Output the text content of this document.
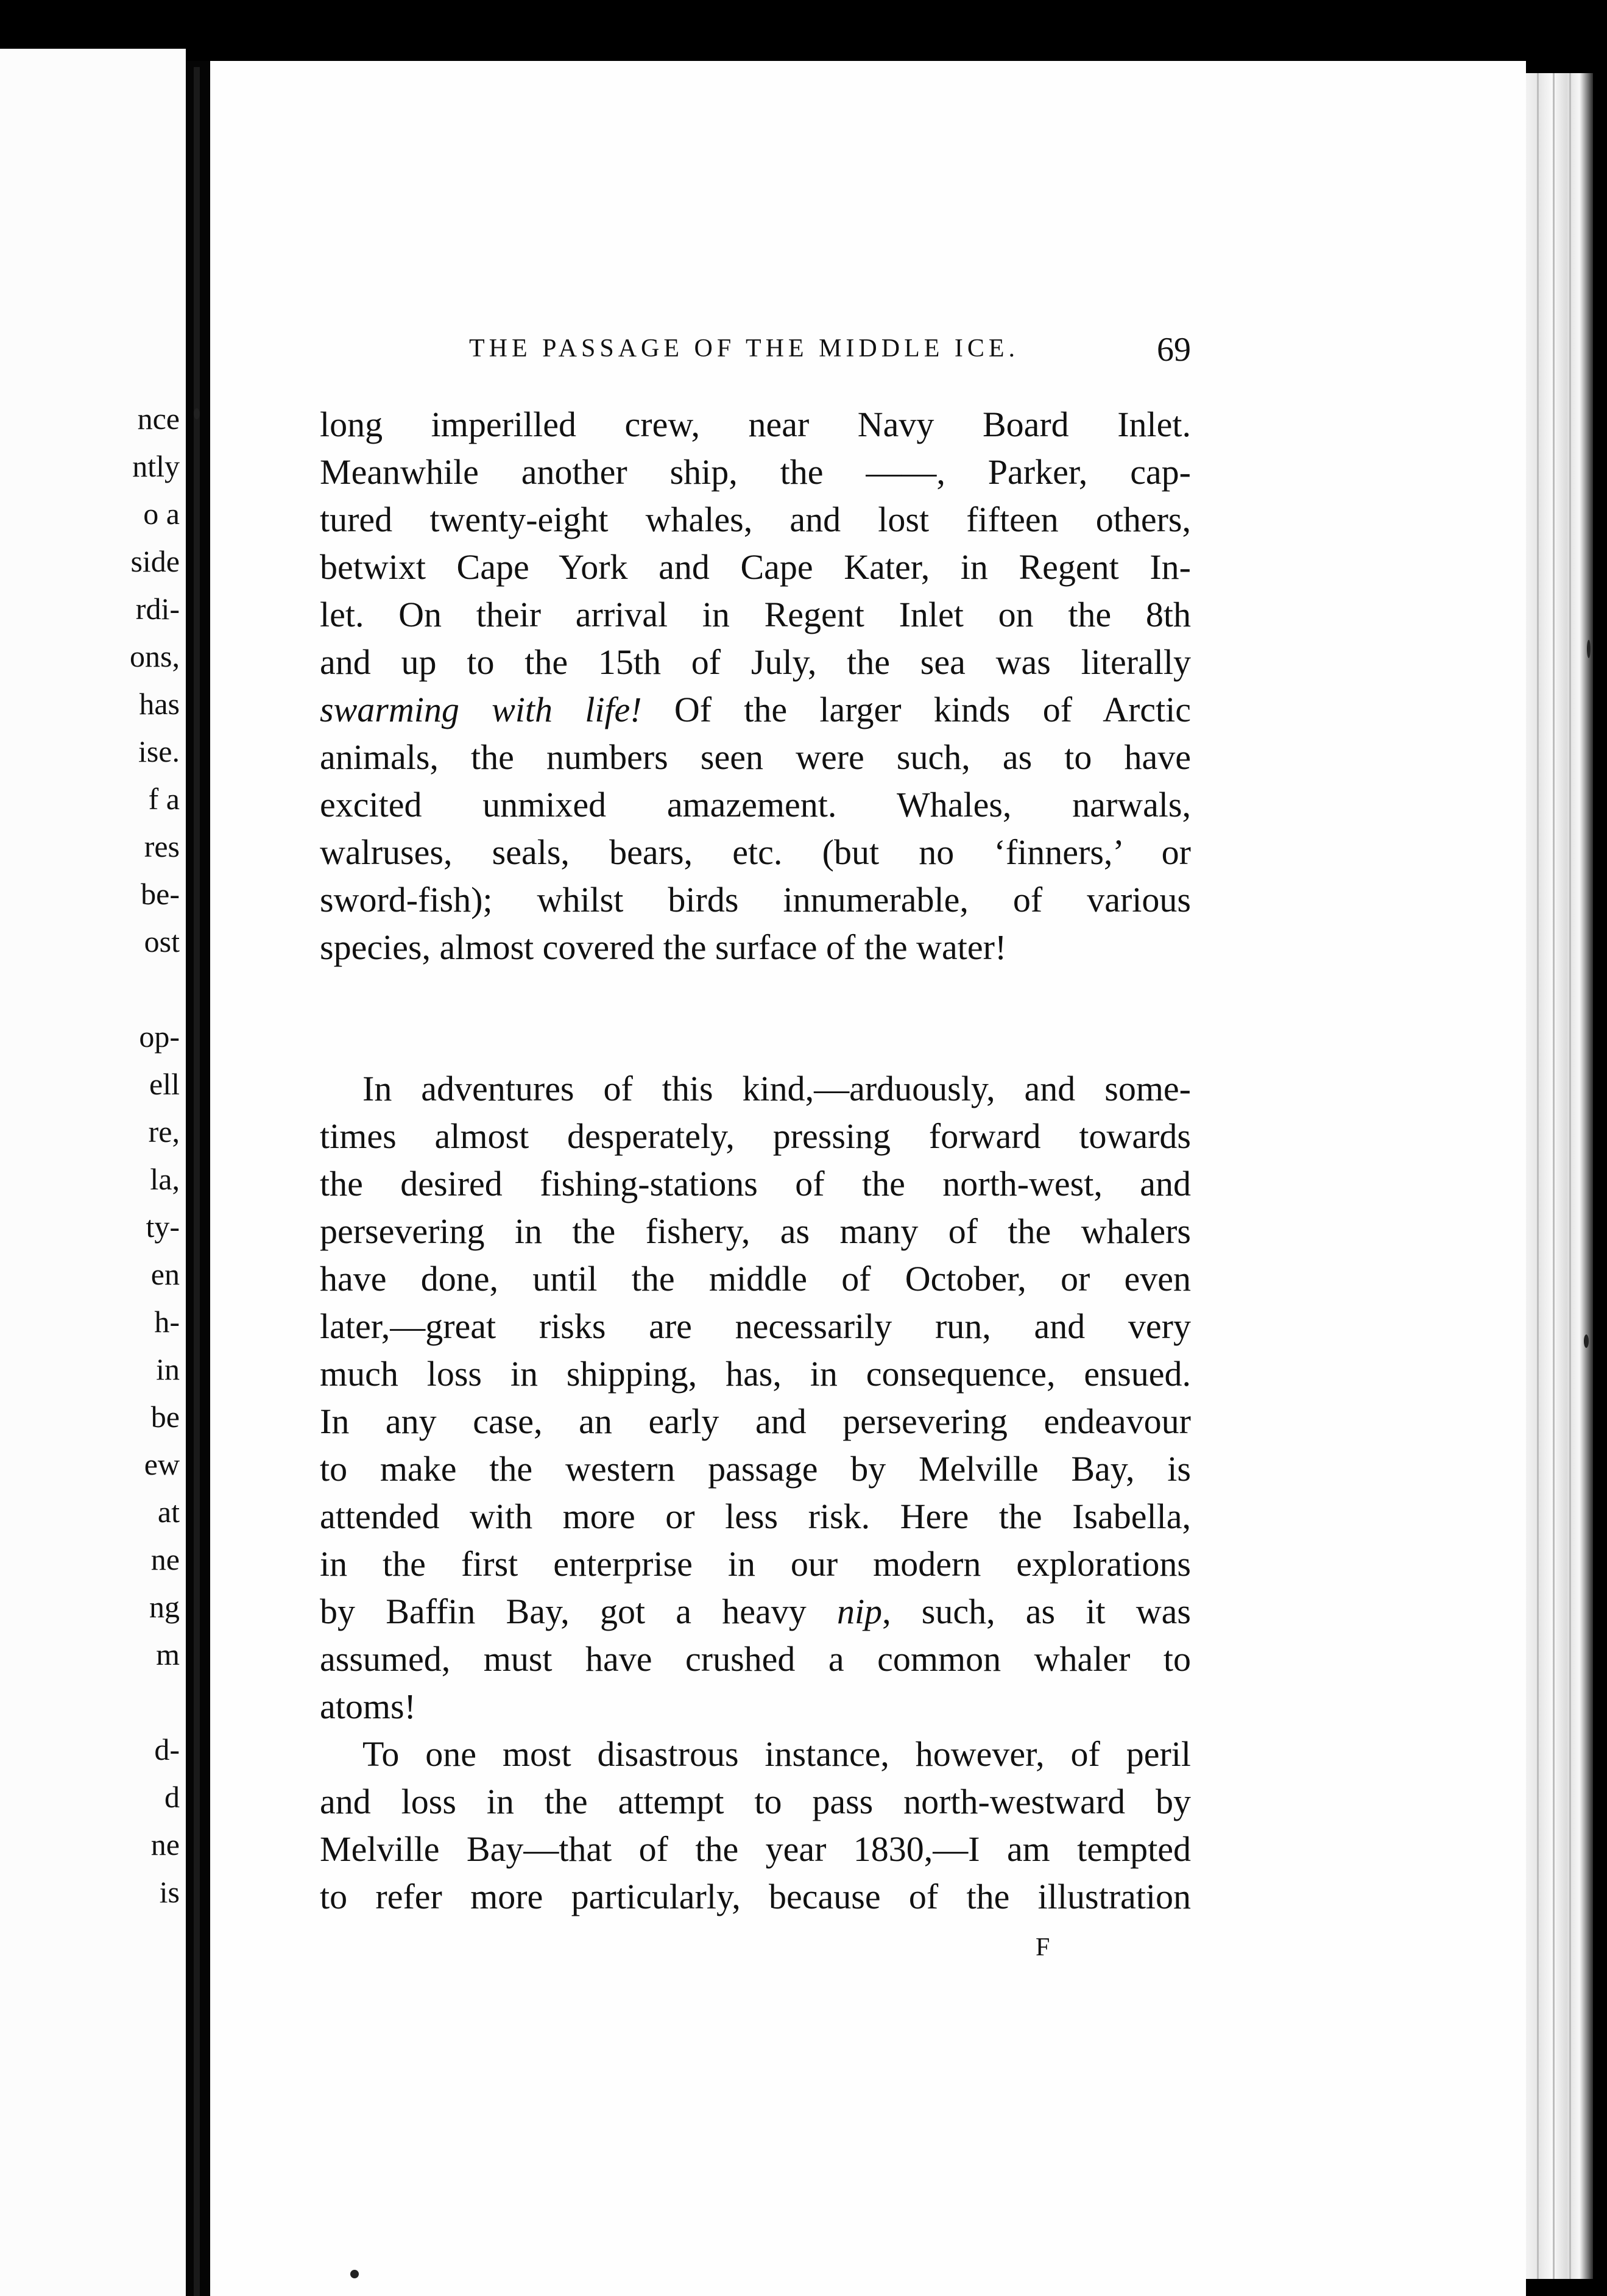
nce
ntly
o a
side
rdi-
ons,
has
ise.
f a
res
be-
ost
op-
ell
re,
la,
ty-
en
h-
in
be
ew
at
ne
ng
m
d-
d
ne
is
THE PASSAGE OF THE MIDDLE ICE.	69
long imperilled crew, near Navy Board Inlet.
Meanwhile another ship, the ——, Parker, cap-
tured twenty-eight whales, and lost fifteen others,
betwixt Cape York and Cape Kater, in Regent In-
let. On their arrival in Regent Inlet on the 8th
and up to the 15th of July, the sea was literally
swarming with life! Of the larger kinds of Arctic
animals, the numbers seen were such, as to have
excited unmixed amazement. Whales, narwals,
walruses, seals, bears, etc. (but no ‘finners,’ or
sword-fish); whilst birds innumerable, of various
species, almost covered the surface of the water!
In adventures of this kind,—arduously, and some-
times almost desperately, pressing forward towards
the desired fishing-stations of the north-west, and
persevering in the fishery, as many of the whalers
have done, until the middle of October, or even
later,—great risks are necessarily run, and very
much loss in shipping, has, in consequence, ensued.
In any case, an early and persevering endeavour
to make the western passage by Melville Bay, is
attended with more or less risk. Here the Isabella,
in the first enterprise in our modern explorations
by Baffin Bay, got a heavy nip, such, as it was
assumed, must have crushed a common whaler to
atoms!
To one most disastrous instance, however, of peril
and loss in the attempt to pass north-westward by
Melville Bay—that of the year 1830,—I am tempted
to refer more particularly, because of the illustration
F
